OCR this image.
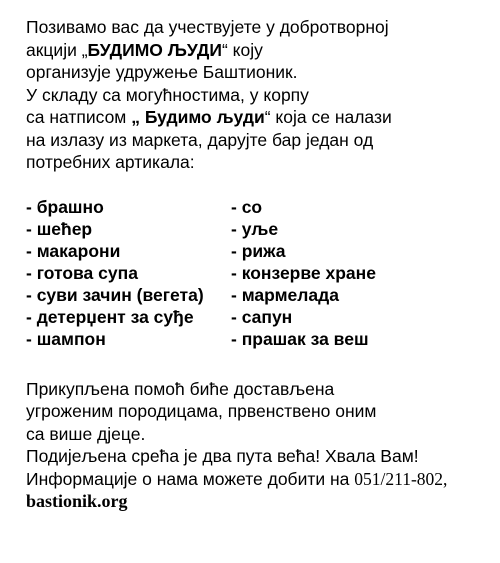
Позивамо вас да учествујете у добротворној
акцији „БУДИМО ЉУДИ“ коју
организује удружење Баштионик.
У складу са могућностима, у корпу
са натписом „ Будимо људи“ која се налази
на излазу из маркета, дарујте бар један од
потребних артикала:
- брашно	- со
- шећер	- уље
- макарони	- рижа
- готова супа	- конзерве хране
- суви зачин (вегета) - мармелада
- детерџент за суђе - сапун
- шампон	- прашак за веш
Прикупљена помоћ биће достављена
угроженим породицама, првенствено оним
са више дјеце.
Подијељена срећа је два пута већа! Хвала Вам!
Информације о нама можете добити на 051/211-802,
bastionik.org
